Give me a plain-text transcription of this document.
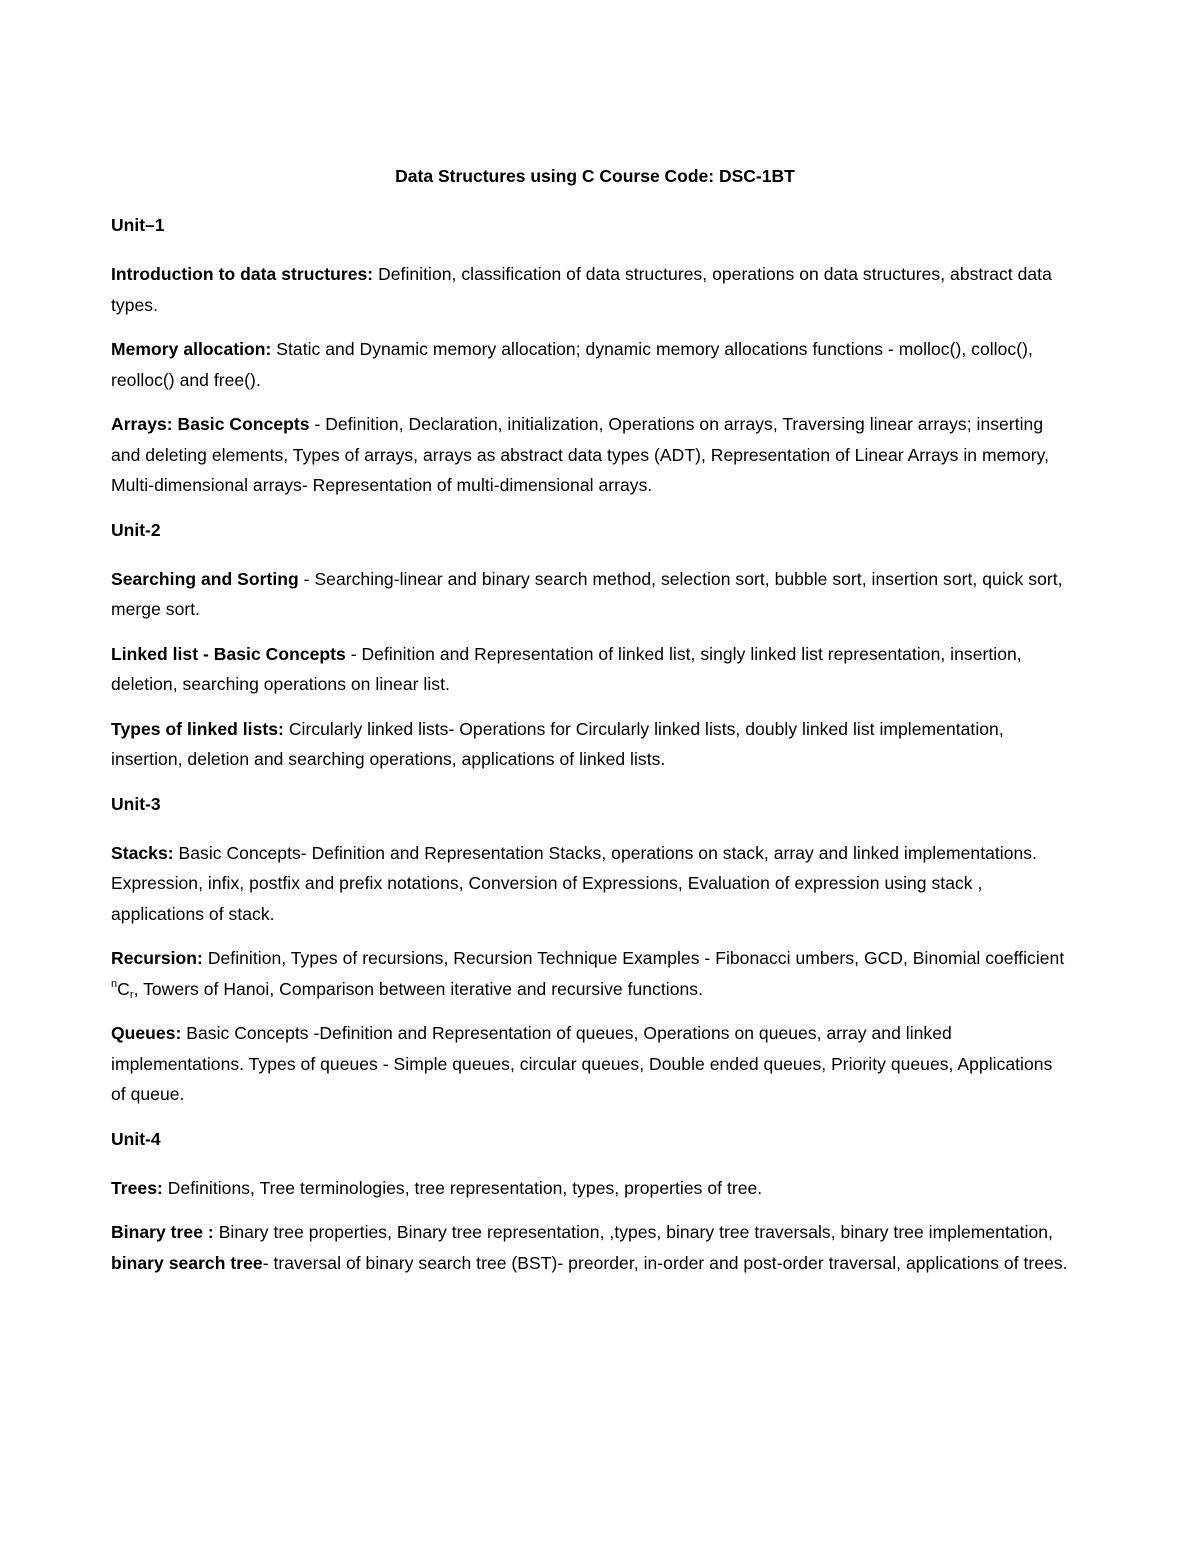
Data Structures using C Course Code: DSC-1BT
Unit–1

Introduction to data structures: Definition, classification of data structures, operations on data structures, abstract data types.

Memory allocation: Static and Dynamic memory allocation; dynamic memory allocations functions - molloc(), colloc(), reolloc() and free().

Arrays: Basic Concepts - Definition, Declaration, initialization, Operations on arrays, Traversing linear arrays; inserting and deleting elements, Types of arrays, arrays as abstract data types (ADT), Representation of Linear Arrays in memory, Multi-dimensional arrays- Representation of multi-dimensional arrays.

Unit-2

Searching and Sorting - Searching-linear and binary search method, selection sort, bubble sort, insertion sort, quick sort, merge sort.

Linked list - Basic Concepts - Definition and Representation of linked list, singly linked list representation, insertion, deletion, searching operations on linear list.

Types of linked lists: Circularly linked lists- Operations for Circularly linked lists, doubly linked list implementation, insertion, deletion and searching operations, applications of linked lists.

Unit-3

Stacks: Basic Concepts- Definition and Representation Stacks, operations on stack, array and linked implementations. Expression, infix, postfix and prefix notations, Conversion of Expressions, Evaluation of expression using stack , applications of stack.

Recursion: Definition, Types of recursions, Recursion Technique Examples - Fibonacci umbers, GCD, Binomial coefficient $^nC_r$, Towers of Hanoi, Comparison between iterative and recursive functions.

Queues: Basic Concepts -Definition and Representation of queues, Operations on queues, array and linked implementations. Types of queues - Simple queues, circular queues, Double ended queues, Priority queues, Applications of queue.

Unit-4

Trees: Definitions, Tree terminologies, tree representation, types, properties of tree.

Binary tree : Binary tree properties, Binary tree representation, ,types, binary tree traversals, binary tree implementation, binary search tree- traversal of binary search tree (BST)- preorder, in-order and post-order traversal, applications of trees.
